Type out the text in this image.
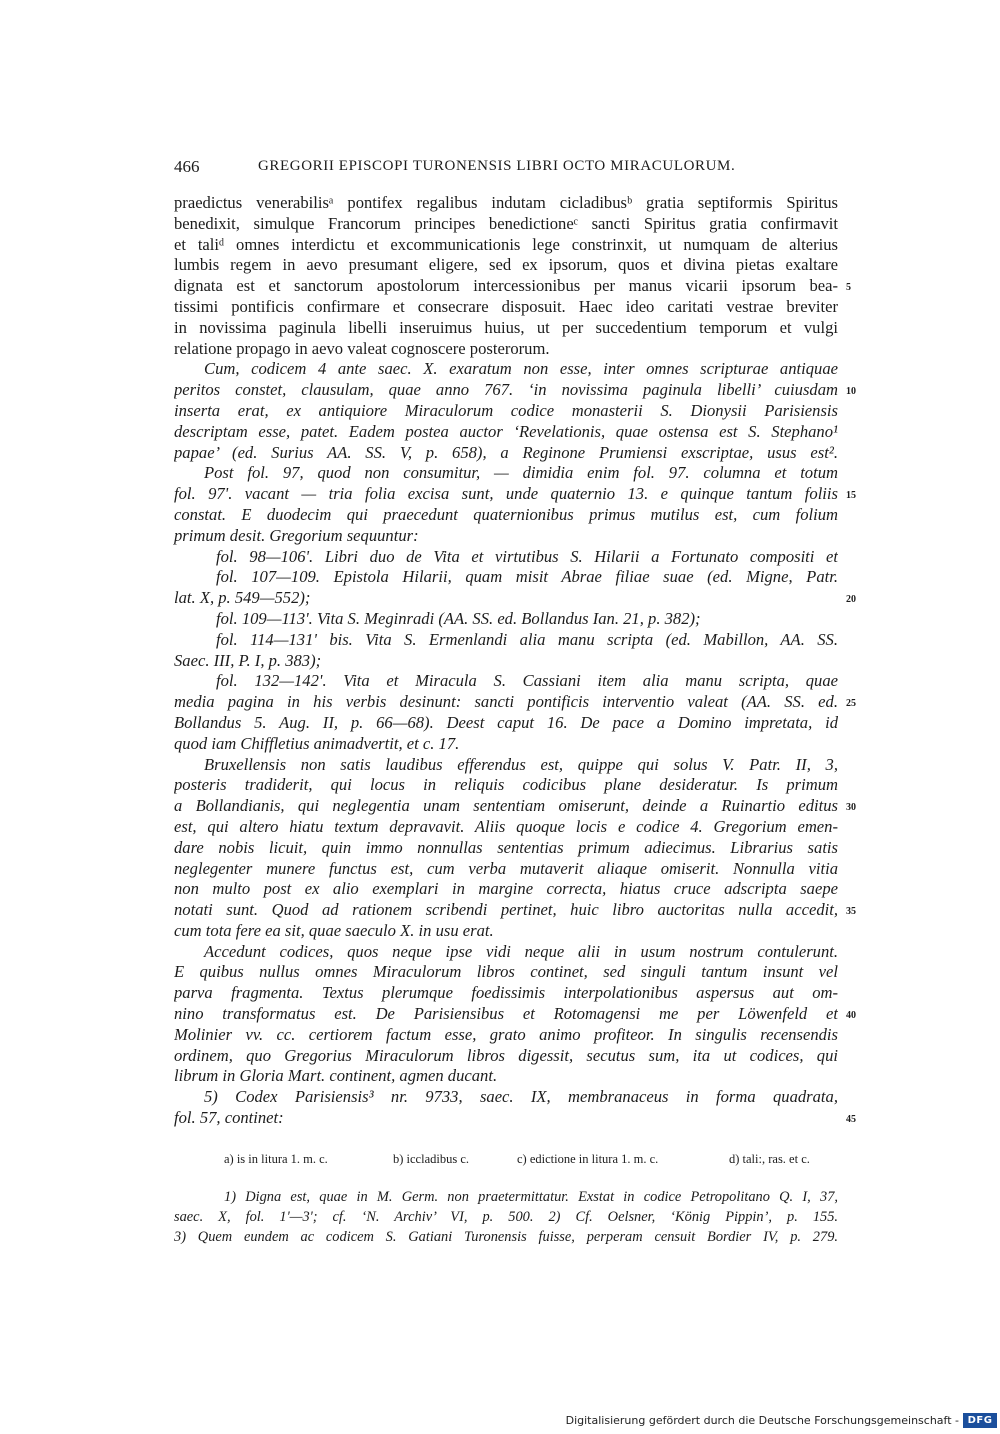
466	GREGORII EPISCOPI TURONENSIS LIBRI OCTO MIRACULORUM.
praedictus venerabilisᵃ pontifex regalibus indutam cicladibusᵇ gratia septiformis Spiritus
benedixit, simulque Francorum principes benedictioneᶜ sancti Spiritus gratia confirmavit
et taliᵈ omnes interdictu et excommunicationis lege constrinxit, ut numquam de alterius
lumbis regem in aevo presumant eligere, sed ex ipsorum, quos et divina pietas exaltare
dignata est et sanctorum apostolorum intercessionibus per manus vicarii ipsorum bea- 5
tissimi pontificis confirmare et consecrare disposuit. Haec ideo caritati vestrae breviter
in novissima paginula libelli inseruimus huius, ut per succedentium temporum et vulgi
relatione propago in aevo valeat cognoscere posterorum.
Cum, codicem 4 ante saec. X. exaratum non esse, inter omnes scripturae antiquae
peritos constet, clausulam, quae anno 767. ‘in novissima paginula libelli’ cuiusdam 10
inserta erat, ex antiquiore Miraculorum codice monasterii S. Dionysii Parisiensis
descriptam esse, patet. Eadem postea auctor ‘Revelationis, quae ostensa est S. Stephano¹
papae’ (ed. Surius AA. SS. V, p. 658), a Reginone Prumiensi exscriptae, usus est².
Post fol. 97, quod non consumitur, — dimidia enim fol. 97. columna et totum
fol. 97'. vacant — tria folia excisa sunt, unde quaternio 13. e quinque tantum foliis 15
constat. E duodecim qui praecedunt quaternionibus primus mutilus est, cum folium
primum desit. Gregorium sequuntur:
fol. 98—106'. Libri duo de Vita et virtutibus S. Hilarii a Fortunato compositi et
fol. 107—109. Epistola Hilarii, quam misit Abrae filiae suae (ed. Migne, Patr.
lat. X, p. 549—552);	20
fol. 109—113'. Vita S. Meginradi (AA. SS. ed. Bollandus Ian. 21, p. 382);
fol. 114—131' bis. Vita S. Ermenlandi alia manu scripta (ed. Mabillon, AA. SS.
Saec. III, P. I, p. 383);
fol. 132—142'. Vita et Miracula S. Cassiani item alia manu scripta, quae
media pagina in his verbis desinunt: sancti pontificis interventio valeat (AA. SS. ed. 25
Bollandus 5. Aug. II, p. 66—68). Deest caput 16. De pace a Domino impretata, id
quod iam Chiffletius animadvertit, et c. 17.
Bruxellensis non satis laudibus efferendus est, quippe qui solus V. Patr. II, 3,
posteris tradiderit, qui locus in reliquis codicibus plane desideratur. Is primum
a Bollandianis, qui neglegentia unam sententiam omiserunt, deinde a Ruinartio editus 30
est, qui altero hiatu textum depravavit. Aliis quoque locis e codice 4. Gregorium emen-
dare nobis licuit, quin immo nonnullas sententias primum adiecimus. Librarius satis
neglegenter munere functus est, cum verba mutaverit aliaque omiserit. Nonnulla vitia
non multo post ex alio exemplari in margine correcta, hiatus cruce adscripta saepe
notati sunt. Quod ad rationem scribendi pertinet, huic libro auctoritas nulla accedit, 35
cum tota fere ea sit, quae saeculo X. in usu erat.
Accedunt codices, quos neque ipse vidi neque alii in usum nostrum contulerunt.
E quibus nullus omnes Miraculorum libros continet, sed singuli tantum insunt vel
parva fragmenta. Textus plerumque foedissimis interpolationibus aspersus aut om-
nino transformatus est. De Parisiensibus et Rotomagensi me per Löwenfeld et 40
Molinier vv. cc. certiorem factum esse, grato animo profiteor. In singulis recensendis
ordinem, quo Gregorius Miraculorum libros digessit, secutus sum, ita ut codices, qui
librum in Gloria Mart. continent, agmen ducant.
5) Codex Parisiensis³ nr. 9733, saec. IX, membranaceus in forma quadrata,
fol. 57, continet:	45
a) is in litura 1. m. c.	b) iccladibus c.	c) edictione in litura 1. m. c.	d) tali:, ras. et c.
1) Digna est, quae in M. Germ. non praetermittatur. Exstat in codice Petropolitano Q. I, 37,
saec. X, fol. 1'—3'; cf. ‘N. Archiv’ VI, p. 500. 2) Cf. Oelsner, ‘König Pippin’, p. 155.
3) Quem eundem ac codicem S. Gatiani Turonensis fuisse, perperam censuit Bordier IV, p. 279.
Digitalisierung gefördert durch die Deutsche Forschungsgemeinschaft - DFG
